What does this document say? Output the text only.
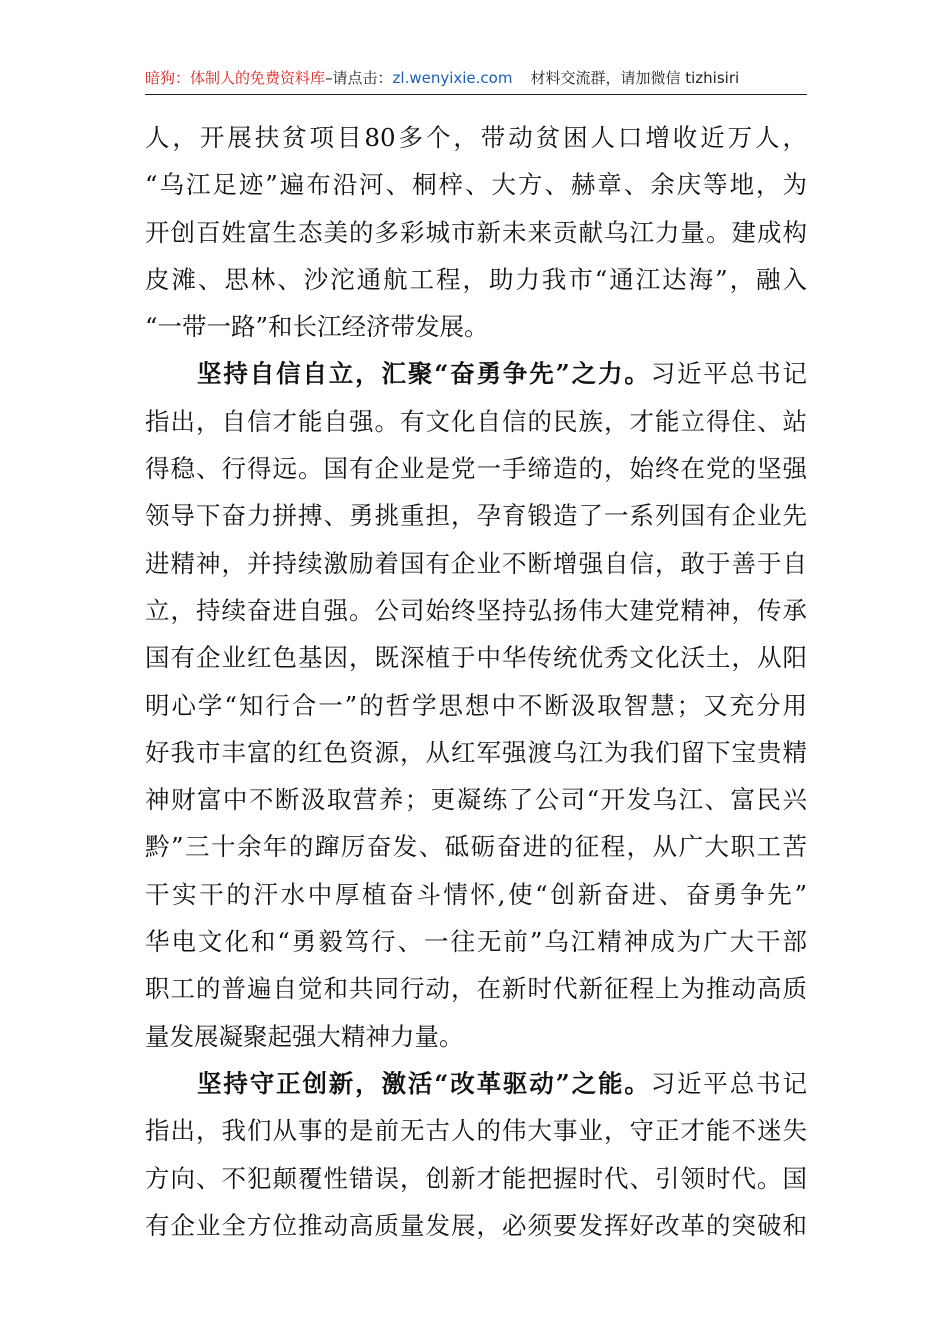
暗狗：体制人的免费资料库–请点击：zl.wenyixie.com 材料交流群，请加微信 tizhisiri
人，开展扶贫项目80多个，带动贫困人口增收近万人，
“乌江足迹”遍布沿河、桐梓、大方、赫章、余庆等地，为
开创百姓富生态美的多彩城市新未来贡献乌江力量。建成构
皮滩、思林、沙沱通航工程，助力我市“通江达海”，融入
“一带一路”和长江经济带发展。
坚持自信自立，汇聚“奋勇争先”之力。习近平总书记
指出，自信才能自强。有文化自信的民族，才能立得住、站
得稳、行得远。国有企业是党一手缔造的，始终在党的坚强
领导下奋力拼搏、勇挑重担，孕育锻造了一系列国有企业先
进精神，并持续激励着国有企业不断增强自信，敢于善于自
立，持续奋进自强。公司始终坚持弘扬伟大建党精神，传承
国有企业红色基因，既深植于中华传统优秀文化沃土，从阳
明心学“知行合一”的哲学思想中不断汲取智慧；又充分用
好我市丰富的红色资源，从红军强渡乌江为我们留下宝贵精
神财富中不断汲取营养；更凝练了公司“开发乌江、富民兴
黔”三十余年的蹿厉奋发、砥砺奋进的征程，从广大职工苦
干实干的汗水中厚植奋斗情怀,使“创新奋进、奋勇争先”
华电文化和“勇毅笃行、一往无前”乌江精神成为广大干部
职工的普遍自觉和共同行动，在新时代新征程上为推动高质
量发展凝聚起强大精神力量。
坚持守正创新，激活“改革驱动”之能。习近平总书记
指出，我们从事的是前无古人的伟大事业，守正才能不迷失
方向、不犯颠覆性错误，创新才能把握时代、引领时代。国
有企业全方位推动高质量发展，必须要发挥好改革的突破和
